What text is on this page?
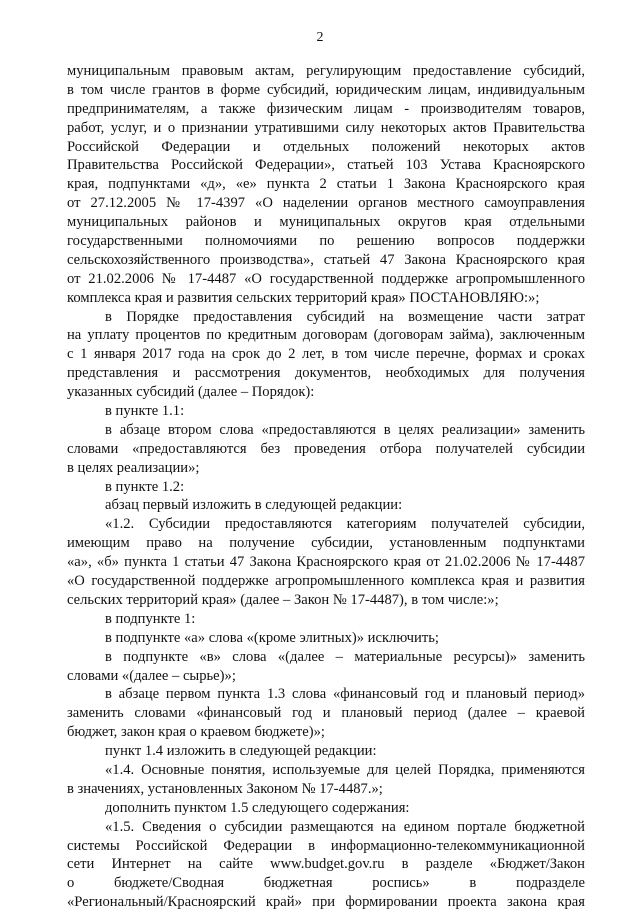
2
муниципальным правовым актам, регулирующим предоставление субсидий,
в том числе грантов в форме субсидий, юридическим лицам, индивидуальным
предпринимателям, а также физическим лицам - производителям товаров,
работ, услуг, и о признании утратившими силу некоторых актов Правительства
Российской Федерации и отдельных положений некоторых актов
Правительства Российской Федерации», статьей 103 Устава Красноярского
края, подпунктами «д», «е» пункта 2 статьи 1 Закона Красноярского края
от 27.12.2005 № 17-4397 «О наделении органов местного самоуправления
муниципальных районов и муниципальных округов края отдельными
государственными полномочиями по решению вопросов поддержки
сельскохозяйственного производства», статьей 47 Закона Красноярского края
от 21.02.2006 № 17-4487 «О государственной поддержке агропромышленного
комплекса края и развития сельских территорий края» ПОСТАНОВЛЯЮ:»;
в Порядке предоставления субсидий на возмещение части затрат
на уплату процентов по кредитным договорам (договорам займа), заключенным
с 1 января 2017 года на срок до 2 лет, в том числе перечне, формах и сроках
представления и рассмотрения документов, необходимых для получения
указанных субсидий (далее – Порядок):
в пункте 1.1:
в абзаце втором слова «предоставляются в целях реализации» заменить
словами «предоставляются без проведения отбора получателей субсидии
в целях реализации»;
в пункте 1.2:
абзац первый изложить в следующей редакции:
«1.2. Субсидии предоставляются категориям получателей субсидии,
имеющим право на получение субсидии, установленным подпунктами
«а», «б» пункта 1 статьи 47 Закона Красноярского края от 21.02.2006 № 17-4487
«О государственной поддержке агропромышленного комплекса края и развития
сельских территорий края» (далее – Закон № 17-4487), в том числе:»;
в подпункте 1:
в подпункте «а» слова «(кроме элитных)» исключить;
в подпункте «в» слова «(далее – материальные ресурсы)» заменить
словами «(далее – сырье)»;
в абзаце первом пункта 1.3 слова «финансовый год и плановый период»
заменить словами «финансовый год и плановый период (далее – краевой
бюджет, закон края о краевом бюджете)»;
пункт 1.4 изложить в следующей редакции:
«1.4. Основные понятия, используемые для целей Порядка, применяются
в значениях, установленных Законом № 17-4487.»;
дополнить пунктом 1.5 следующего содержания:
«1.5. Сведения о субсидии размещаются на едином портале бюджетной
системы Российской Федерации в информационно-телекоммуникационной
сети Интернет на сайте www.budget.gov.ru в разделе «Бюджет/Закон
о бюджете/Сводная бюджетная роспись» в подразделе
«Региональный/Красноярский край» при формировании проекта закона края
